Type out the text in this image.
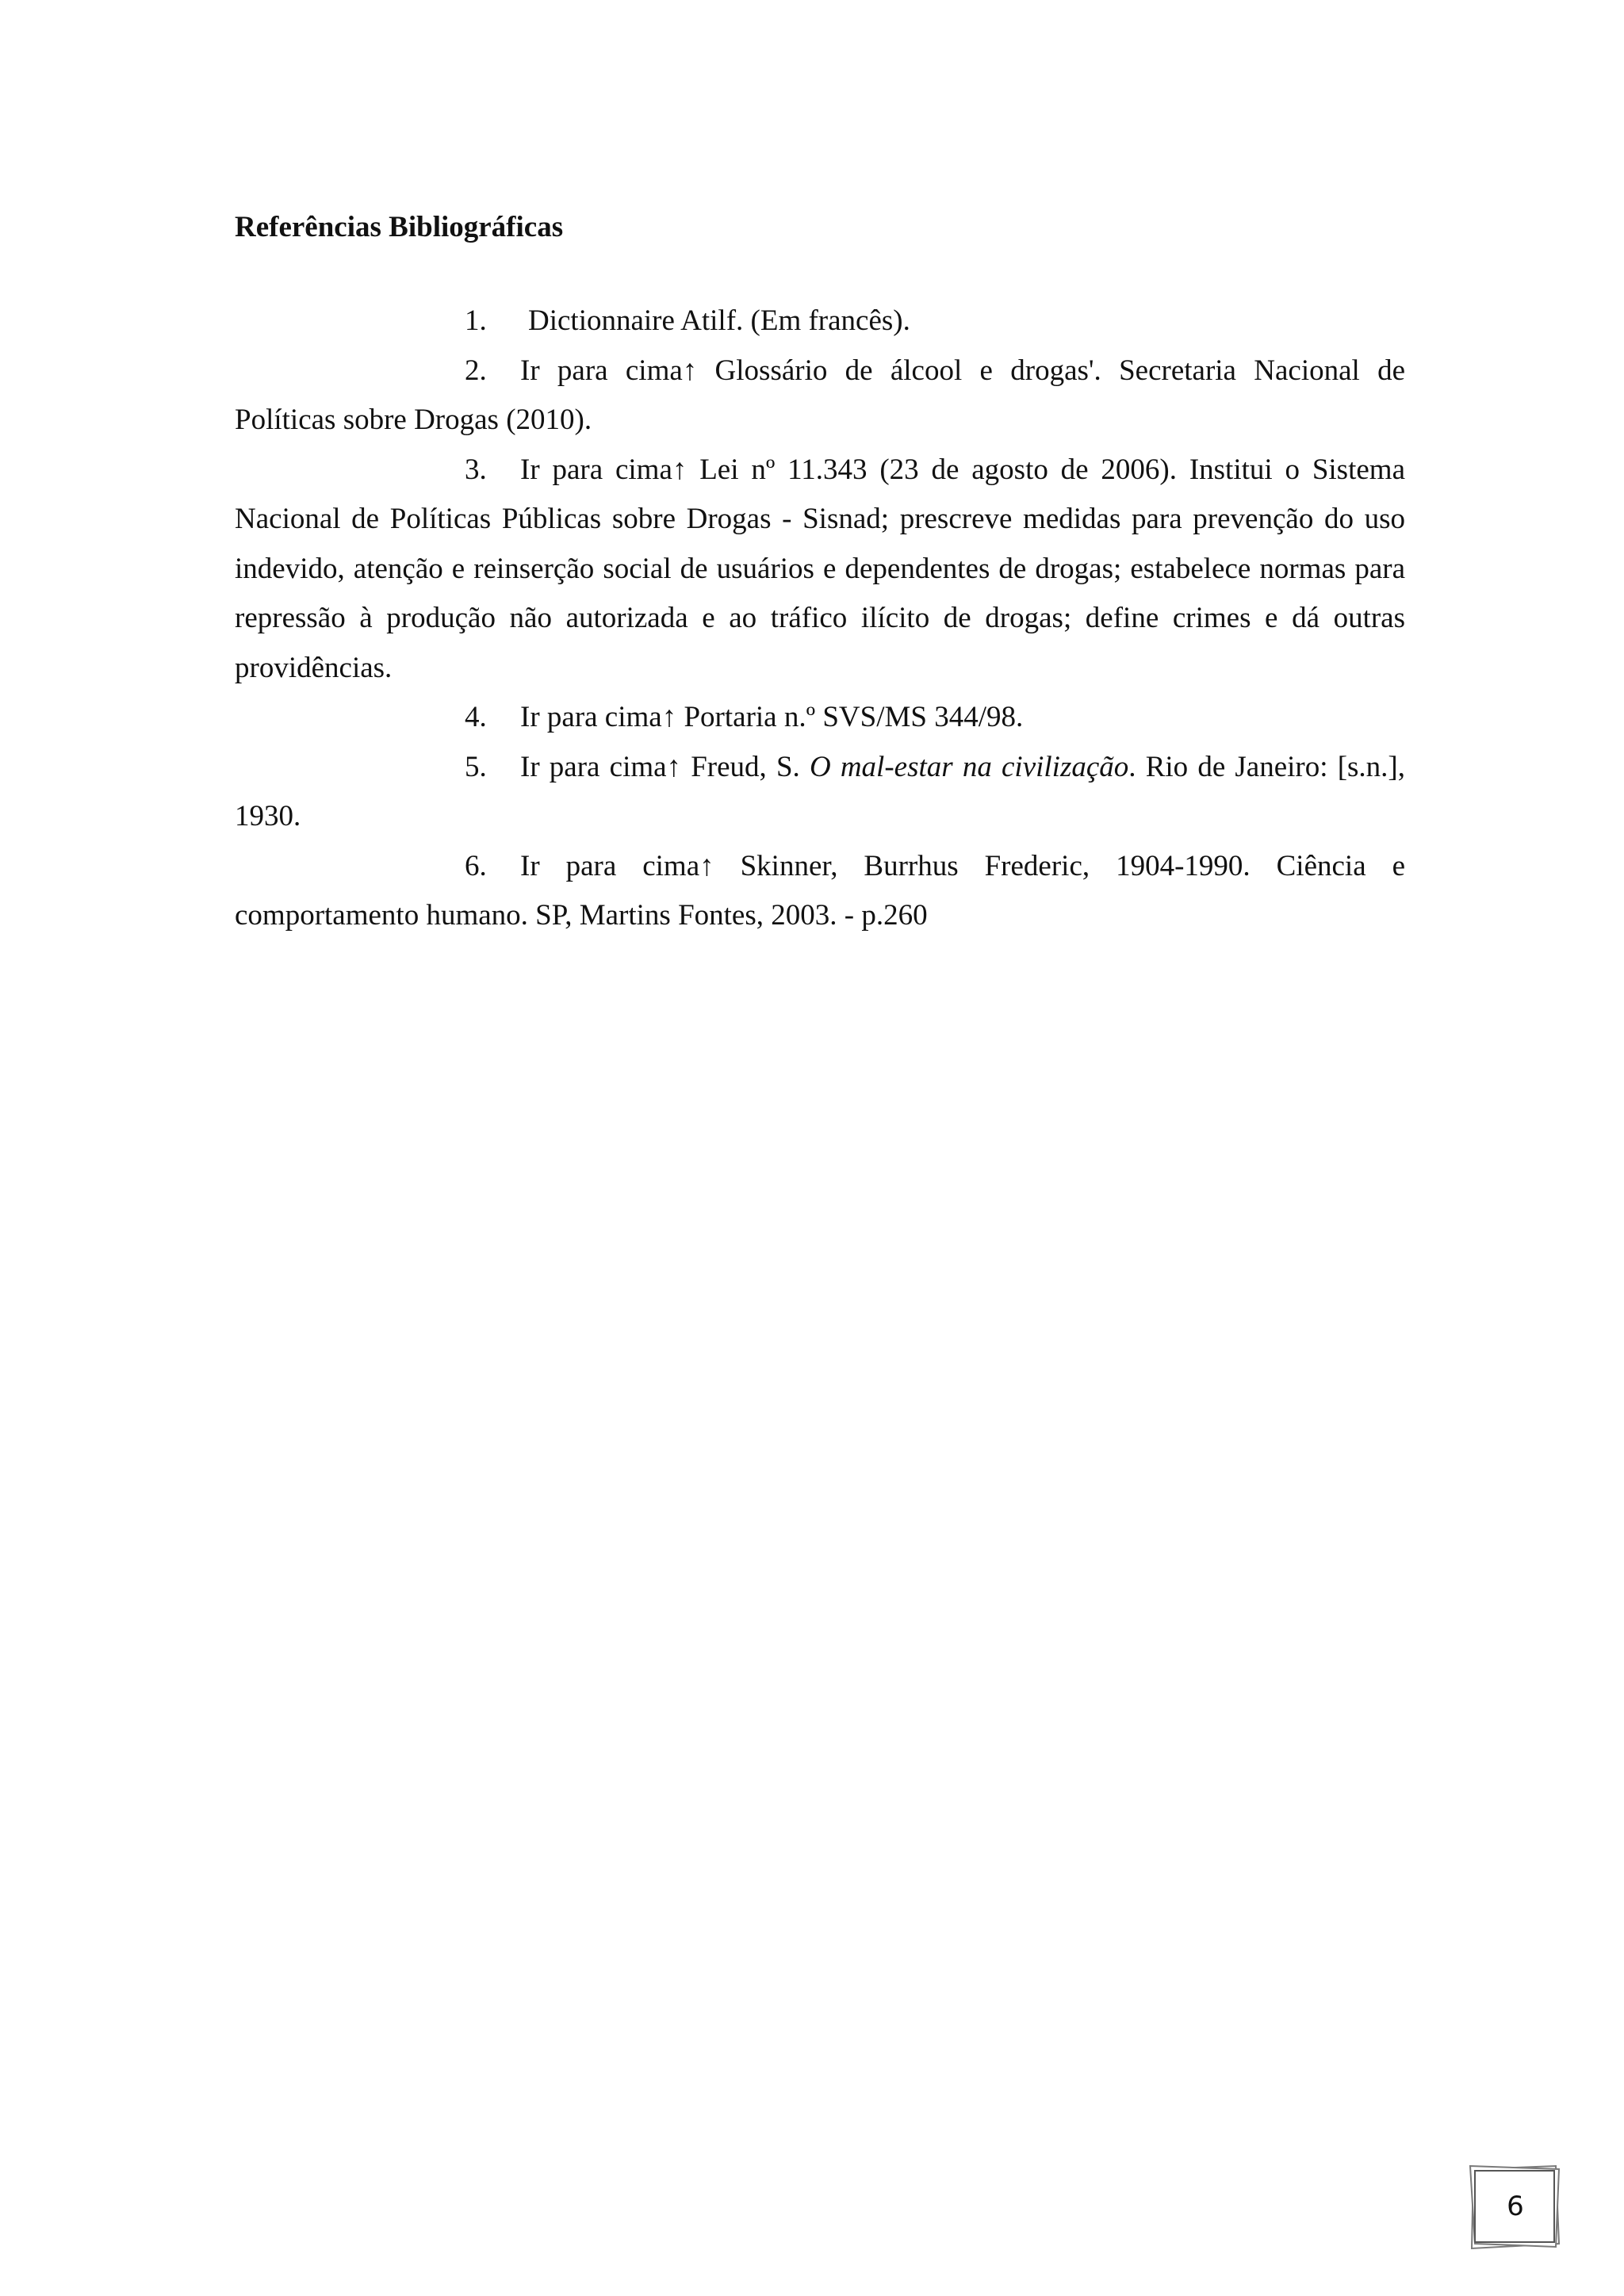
Referências Bibliográficas
1. Dictionnaire Atilf. (Em francês).
2. Ir para cima↑ Glossário de álcool e drogas'. Secretaria Nacional de Políticas sobre Drogas (2010).
3. Ir para cima↑ Lei nº 11.343 (23 de agosto de 2006). Institui o Sistema Nacional de Políticas Públicas sobre Drogas - Sisnad; prescreve medidas para prevenção do uso indevido, atenção e reinserção social de usuários e dependentes de drogas; estabelece normas para repressão à produção não autorizada e ao tráfico ilícito de drogas; define crimes e dá outras providências.
4. Ir para cima↑ Portaria n.º SVS/MS 344/98.
5. Ir para cima↑ Freud, S. O mal-estar na civilização. Rio de Janeiro: [s.n.], 1930.
6. Ir para cima↑ Skinner, Burrhus Frederic, 1904-1990. Ciência e comportamento humano. SP, Martins Fontes, 2003. - p.260
6
